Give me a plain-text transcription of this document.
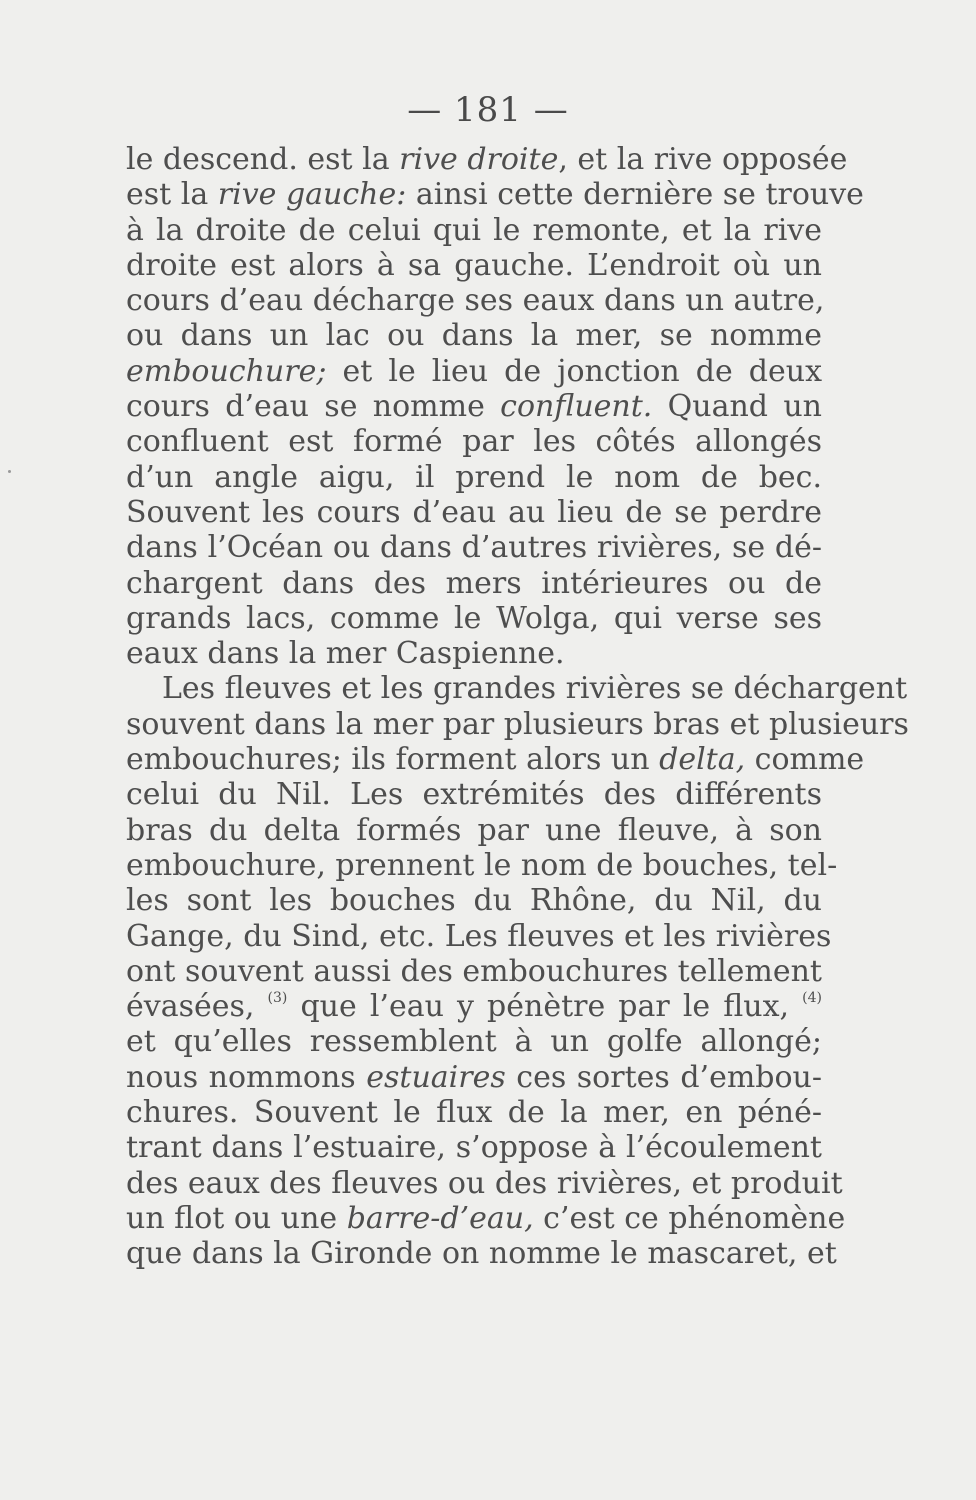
— 181 —
le descend. est la rive droite, et la rive opposée
est la rive gauche: ainsi cette dernière se trouve
à la droite de celui qui le remonte, et la rive
droite est alors à sa gauche. L’endroit où un
cours d’eau décharge ses eaux dans un autre,
ou dans un lac ou dans la mer, se nomme
embouchure; et le lieu de jonction de deux
cours d’eau se nomme confluent. Quand un
confluent est formé par les côtés allongés
d’un angle aigu, il prend le nom de bec.
Souvent les cours d’eau au lieu de se perdre
dans l’Océan ou dans d’autres rivières, se dé-
chargent dans des mers intérieures ou de
grands lacs, comme le Wolga, qui verse ses
eaux dans la mer Caspienne.
Les fleuves et les grandes rivières se déchargent
souvent dans la mer par plusieurs bras et plusieurs
embouchures; ils forment alors un delta, comme
celui du Nil. Les extrémités des différents
bras du delta formés par une fleuve, à son
embouchure, prennent le nom de bouches, tel-
les sont les bouches du Rhône, du Nil, du
Gange, du Sind, etc. Les fleuves et les rivières
ont souvent aussi des embouchures tellement
évasées, $^{(3)}$ que l’eau y pénètre par le flux, $^{(4)}$
et qu’elles ressemblent à un golfe allongé;
nous nommons estuaires ces sortes d’embou-
chures. Souvent le flux de la mer, en péné-
trant dans l’estuaire, s’oppose à l’écoulement
des eaux des fleuves ou des rivières, et produit
un flot ou une barre-d’eau, c’est ce phénomène
que dans la Gironde on nomme le mascaret, et
